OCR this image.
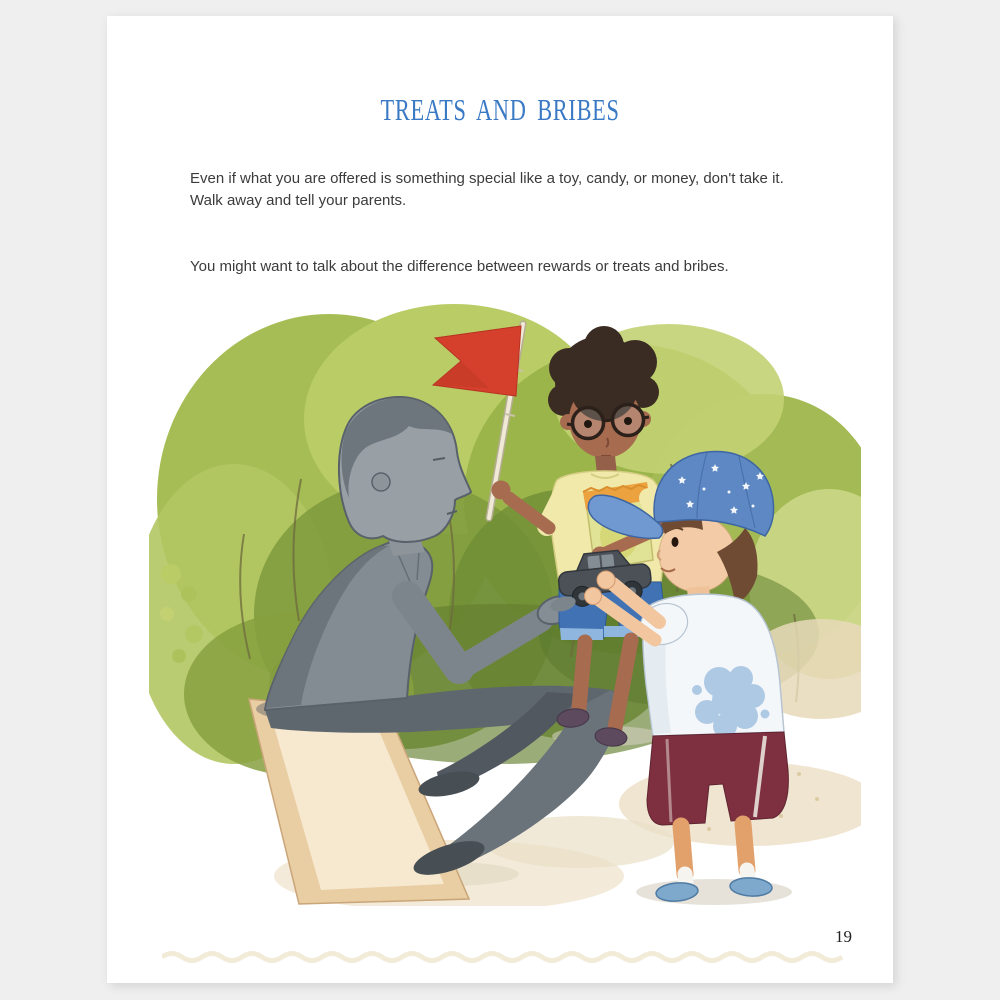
TREATS AND BRIBES

Even if what you are offered is something special like a toy, candy, or money, don't take it.
Walk away and tell your parents.

You might want to talk about the difference between rewards or treats and bribes.

19
